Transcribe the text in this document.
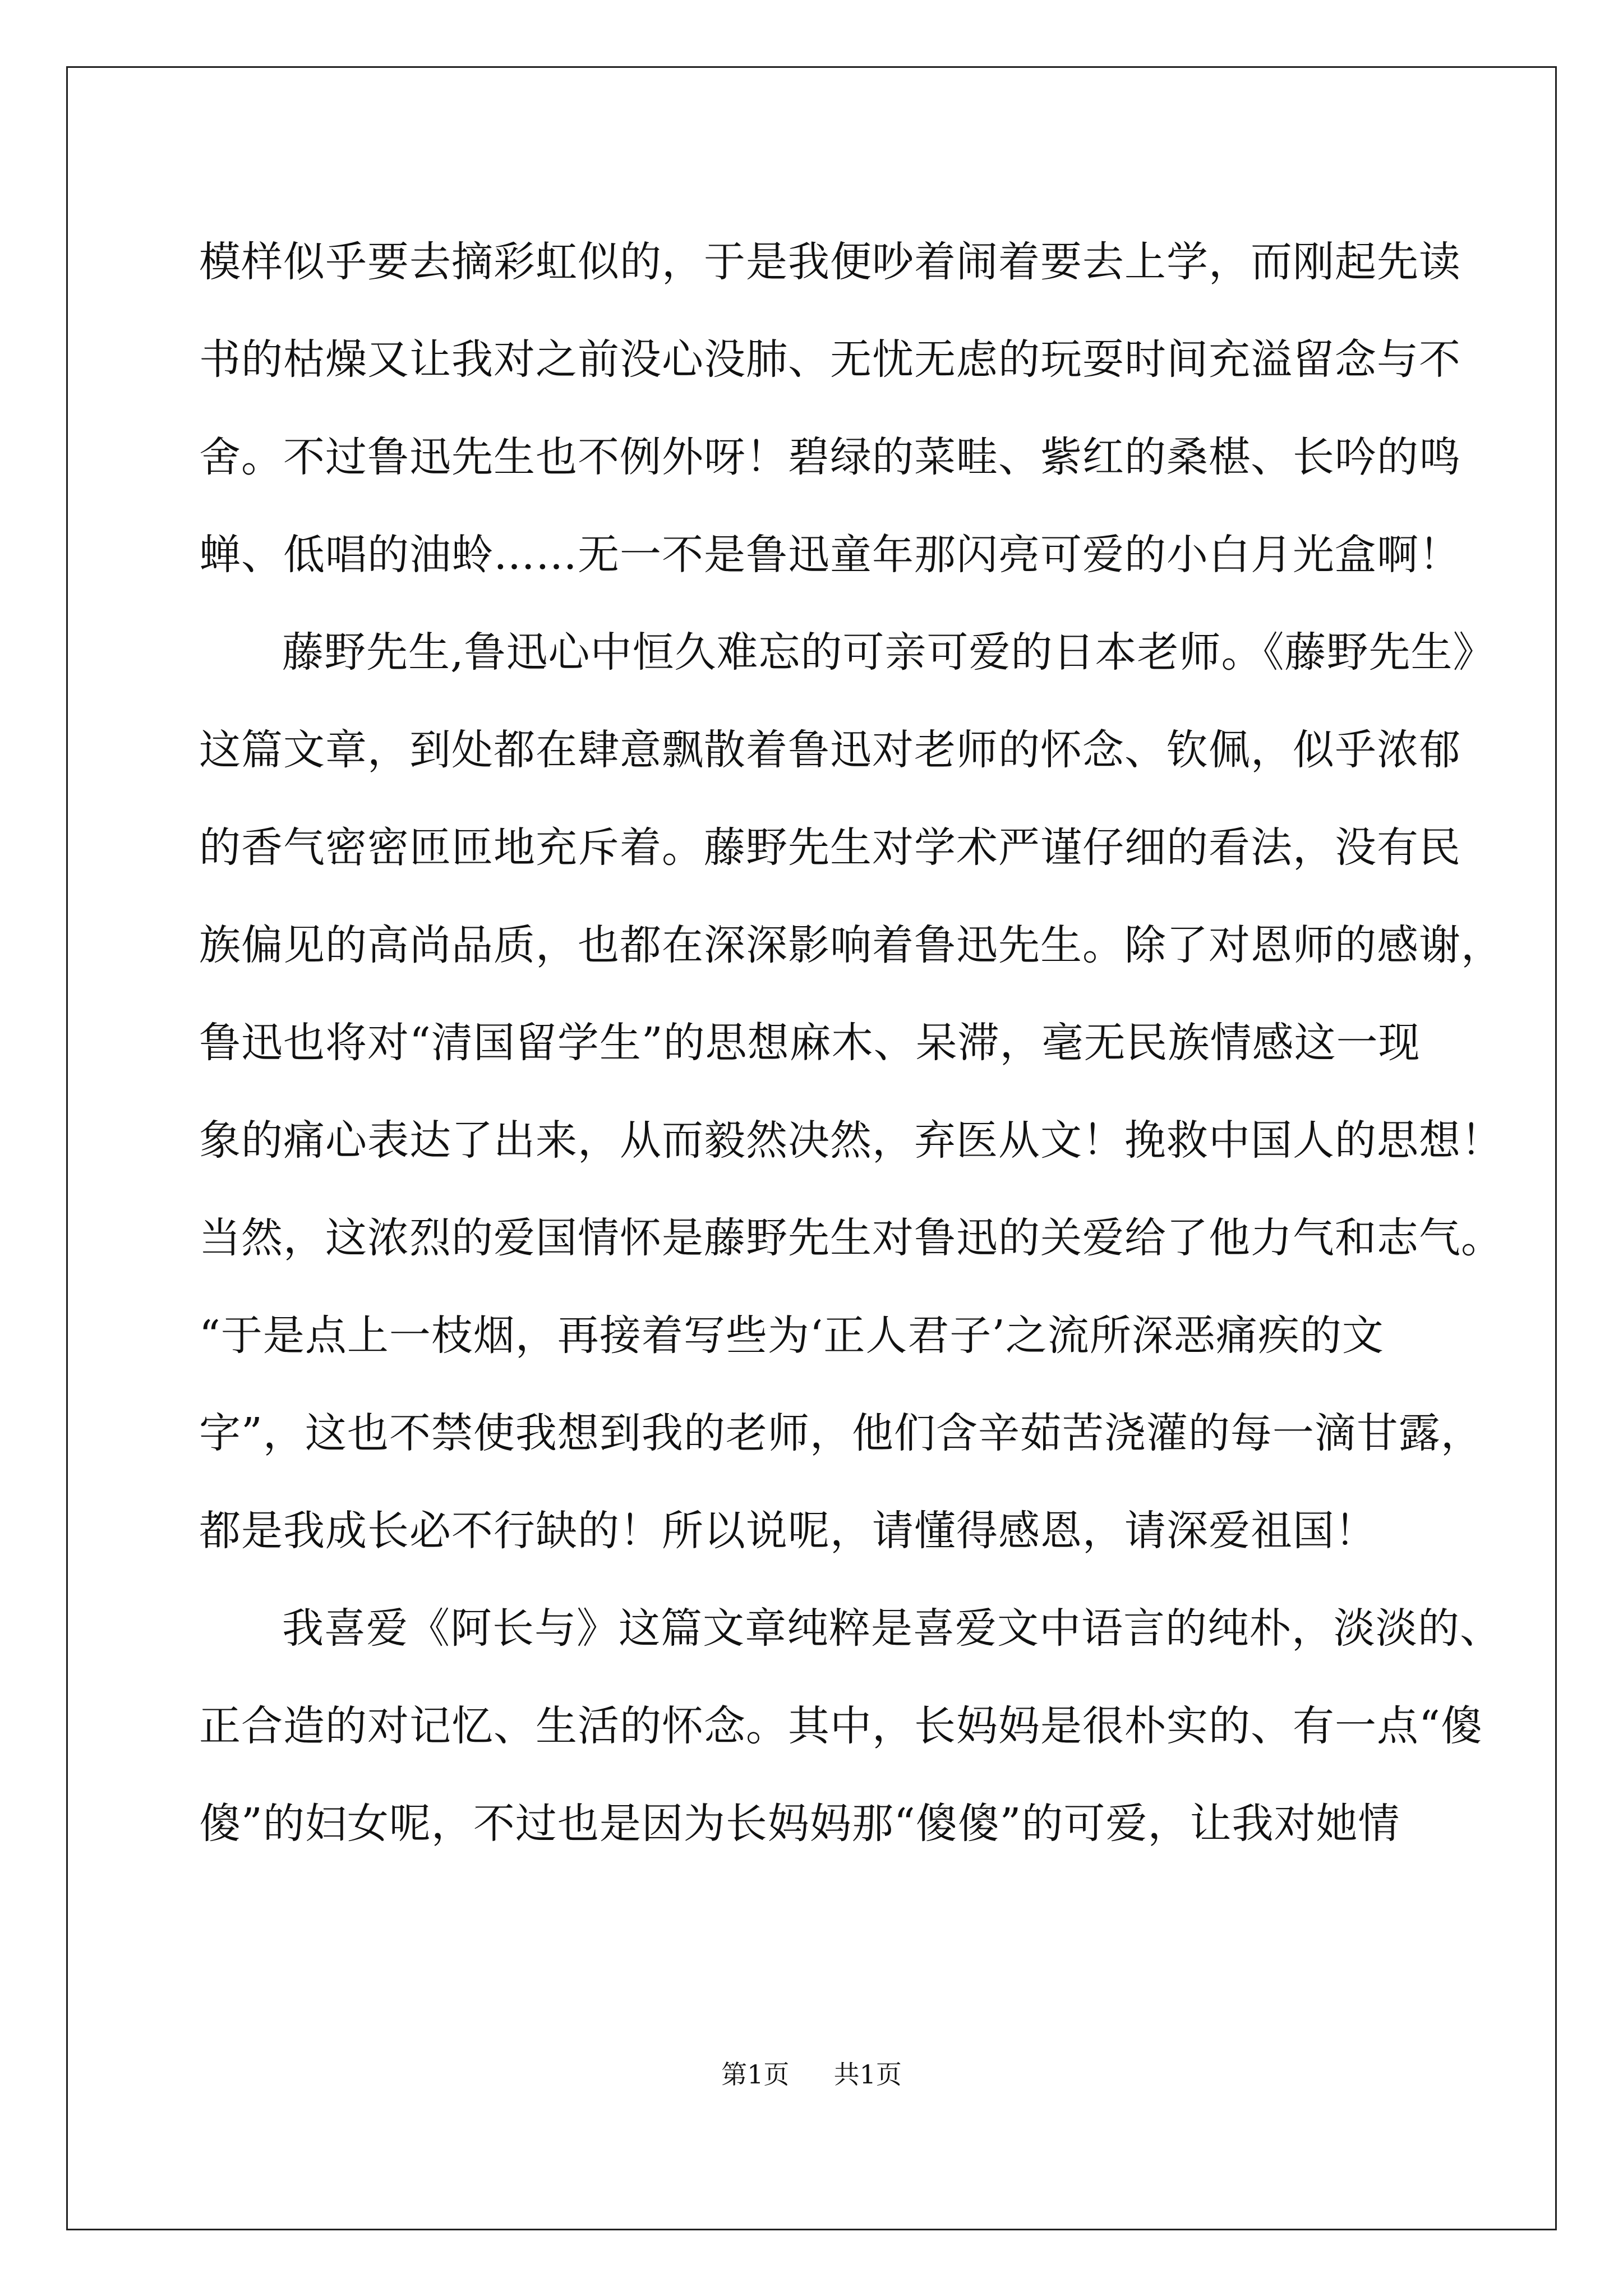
模样似乎要去摘彩虹似的，于是我便吵着闹着要去上学，而刚起先读
书的枯燥又让我对之前没心没肺、无忧无虑的玩耍时间充溢留念与不
舍。不过鲁迅先生也不例外呀！碧绿的菜畦、紫红的桑椹、长吟的鸣
蝉、低唱的油蛉……无一不是鲁迅童年那闪亮可爱的小白月光盒啊！
藤野先生,鲁迅心中恒久难忘的可亲可爱的日本老师。《藤野先生》
这篇文章，到处都在肆意飘散着鲁迅对老师的怀念、钦佩，似乎浓郁
的香气密密匝匝地充斥着。藤野先生对学术严谨仔细的看法，没有民
族偏见的高尚品质，也都在深深影响着鲁迅先生。除了对恩师的感谢，
鲁迅也将对“清国留学生”的思想麻木、呆滞，毫无民族情感这一现
象的痛心表达了出来，从而毅然决然，弃医从文！挽救中国人的思想！
当然，这浓烈的爱国情怀是藤野先生对鲁迅的关爱给了他力气和志气。
“于是点上一枝烟，再接着写些为‘正人君子’之流所深恶痛疾的文
字”，这也不禁使我想到我的老师，他们含辛茹苦浇灌的每一滴甘露，
都是我成长必不行缺的！所以说呢，请懂得感恩，请深爱祖国！
我喜爱《阿长与》这篇文章纯粹是喜爱文中语言的纯朴，淡淡的、
正合造的对记忆、生活的怀念。其中，长妈妈是很朴实的、有一点“傻
傻”的妇女呢，不过也是因为长妈妈那“傻傻”的可爱，让我对她情
第1页 共1页
